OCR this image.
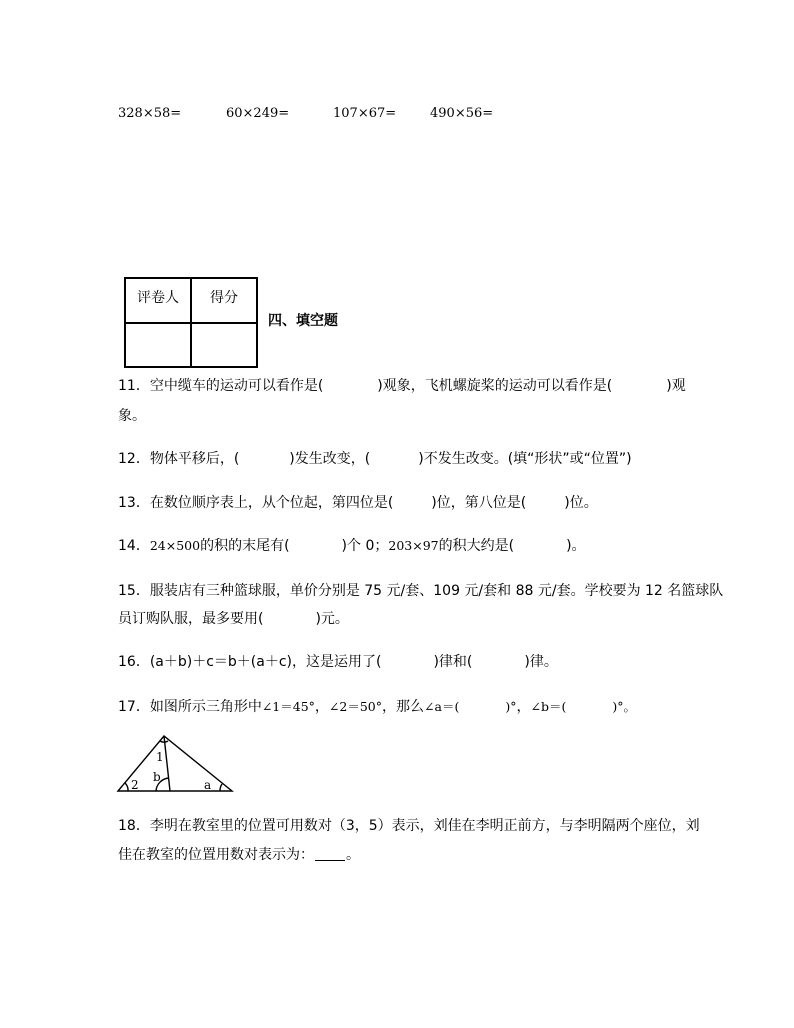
328×58=	60×249=	107×67=	490×56=
评卷人	得分

四、填空题
11．空中缆车的运动可以看作是(	)观象，飞机螺旋桨的运动可以看作是(	)观
象。
12．物体平移后，(	)发生改变，(	)不发生改变。(填“形状”或“位置”)
13．在数位顺序表上，从个位起，第四位是(	)位，第八位是(	)位。
14．24×500的积的末尾有(	)个 0；203×97的积大约是(	)。
15．服装店有三种篮球服，单价分别是 75 元/套、109 元/套和 88 元/套。学校要为 12 名篮球队
员订购队服，最多要用(	)元。
16．(a＋b)＋c＝b＋(a＋c)，这是运用了(	)律和(	)律。
17．如图所示三角形中∠1＝45°，∠2＝50°，那么∠a＝(	)°，∠b＝(	)°。
1
2	a
b
18．李明在教室里的位置可用数对（3，5）表示，刘佳在李明正前方，与李明隔两个座位，刘
佳在教室的位置用数对表示为： 。
